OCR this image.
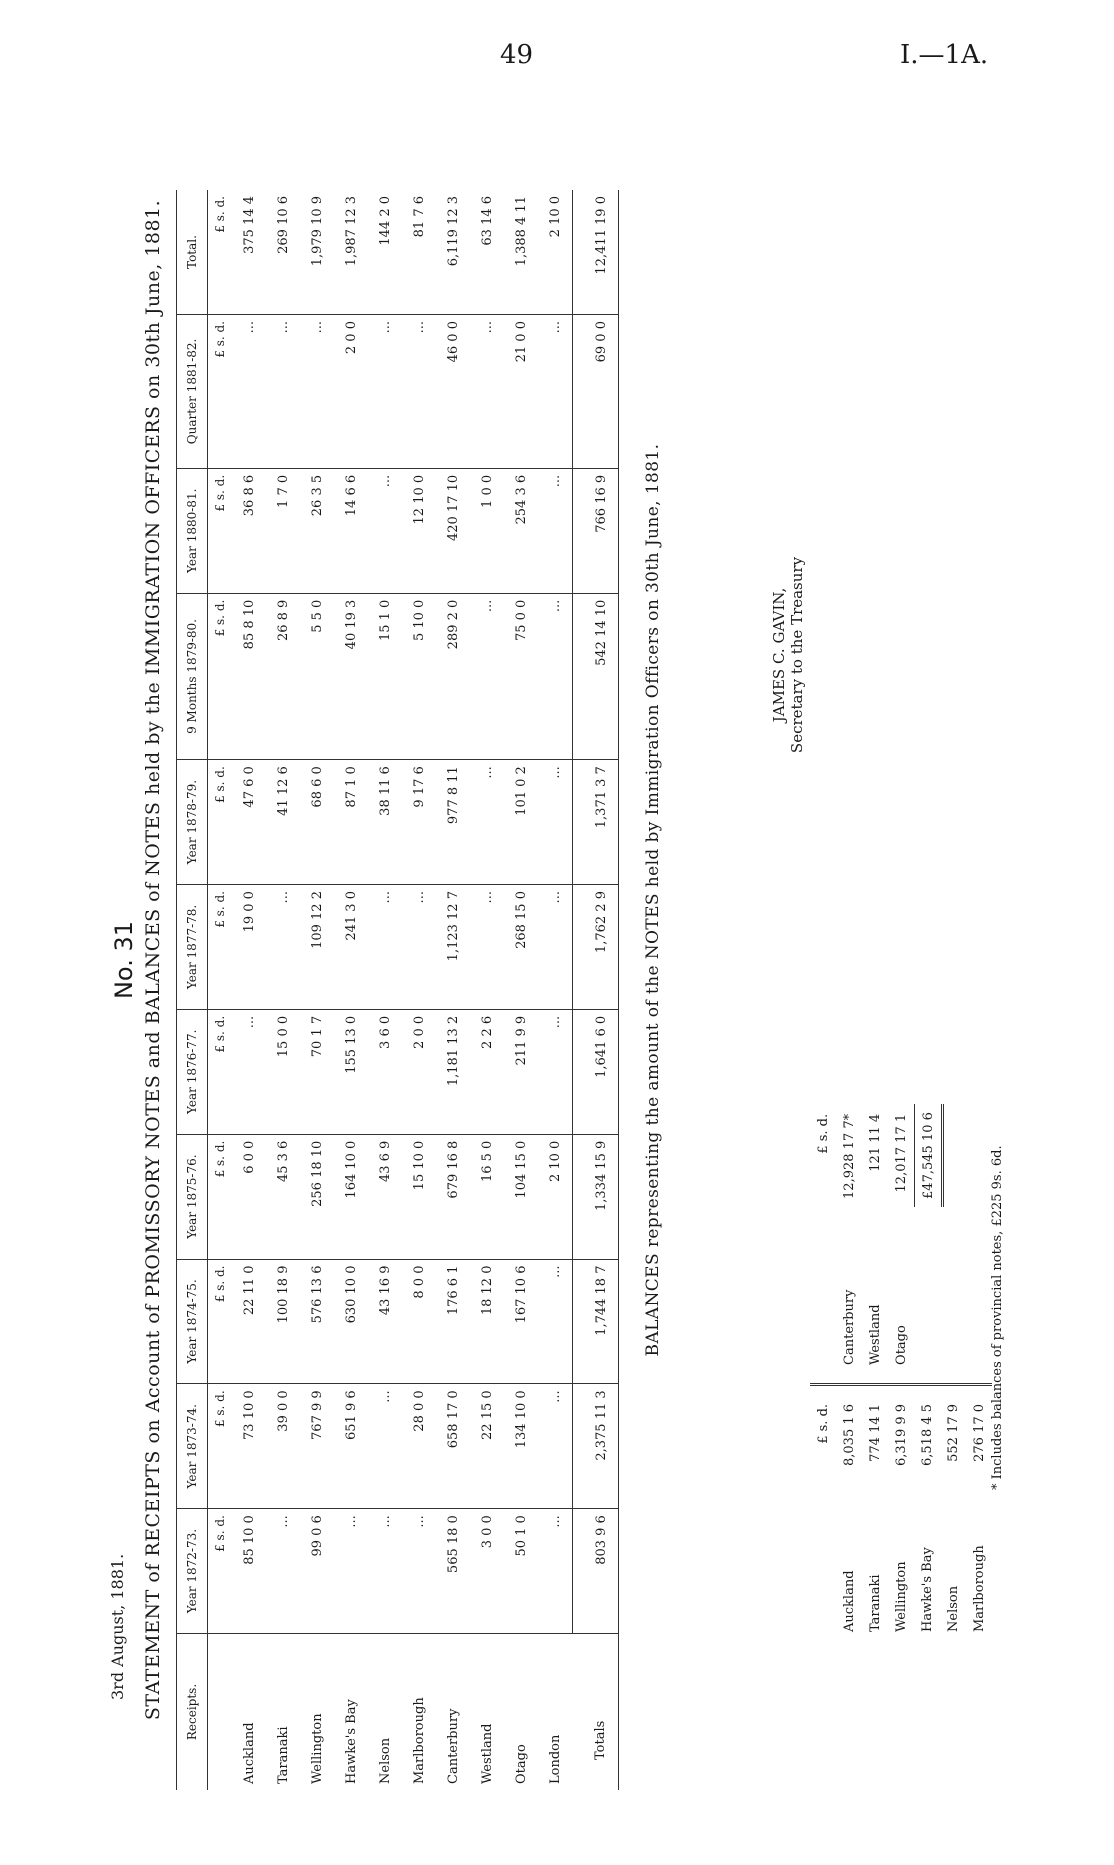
49	I.—1A.
No. 31 STATEMENT of RECEIPTS on Account of PROMISSORY NOTES and BALANCES of NOTES held by the IMMIGRATION OFFICERS on 30th June, 1881. Receipts.	Year 1872-73.	Year 1873-74.	Year 1874-75.	Year 1875-76.	Year 1876-77.	Year 1877-78.	Year 1878-79.	9 Months 1879-80.	Year 1880-81.	Quarter 1881-82.	Total.
	£ s. d.	£ s. d.	£ s. d.	£ s. d.	£ s. d.	£ s. d.	£ s. d.	£ s. d.	£ s. d.	£ s. d.	£ s. d.
Auckland	85 10 0	73 10 0	22 11 0	6 0 0	...	19 0 0	47 6 0	85 8 10	36 8 6	...	375 14 4
Taranaki	...	39 0 0	100 18 9	45 3 6	15 0 0	...	41 12 6	26 8 9	1 7 0	...	269 10 6
Wellington	99 0 6	767 9 9	576 13 6	256 18 10	70 1 7	109 12 2	68 6 0	5 5 0	26 3 5	...	1,979 10 9
Hawke's Bay	...	651 9 6	630 10 0	164 10 0	155 13 0	241 3 0	87 1 0	40 19 3	14 6 6	2 0 0	1,987 12 3
Nelson	...	...	43 16 9	43 6 9	3 6 0	...	38 11 6	15 1 0	...	...	144 2 0
Marlborough	...	28 0 0	8 0 0	15 10 0	2 0 0	...	9 17 6	5 10 0	12 10 0	...	81 7 6
Canterbury	565 18 0	658 17 0	176 6 1	679 16 8	1,181 13 2	1,123 12 7	977 8 11	289 2 0	420 17 10	46 0 0	6,119 12 3
Westland	3 0 0	22 15 0	18 12 0	16 5 0	2 2 6	...	...	...	1 0 0	...	63 14 6
Otago	50 1 0	134 10 0	167 10 6	104 15 0	211 9 9	268 15 0	101 0 2	75 0 0	254 3 6	21 0 0	1,388 4 11
London	...	...	...	2 10 0	...	...	...	...	...	...	2 10 0
Totals	803 9 6	2,375 11 3	1,744 18 7	1,334 15 9	1,641 6 0	1,762 2 9	1,371 3 7	542 14 10	766 16 9	69 0 0	12,411 19 0
BALANCES representing the amount of the NOTES held by Immigration Officers on 30th June, 1881.
	£ s. d.
Auckland	8,035 1 6
Taranaki	774 14 1
Wellington	6,319 9 9
Hawke's Bay	6,518 4 5
Nelson	552 17 9
Marlborough	276 17 0
	£ s. d.
Canterbury	12,928 17 7*
Westland	121 11 4
Otago	12,017 17 1
	£47,545 10 6	* Includes balances of provincial notes, £225 9s. 6d.
JAMES C. GAVIN, Secretary to the Treasury
3rd August, 1881.
